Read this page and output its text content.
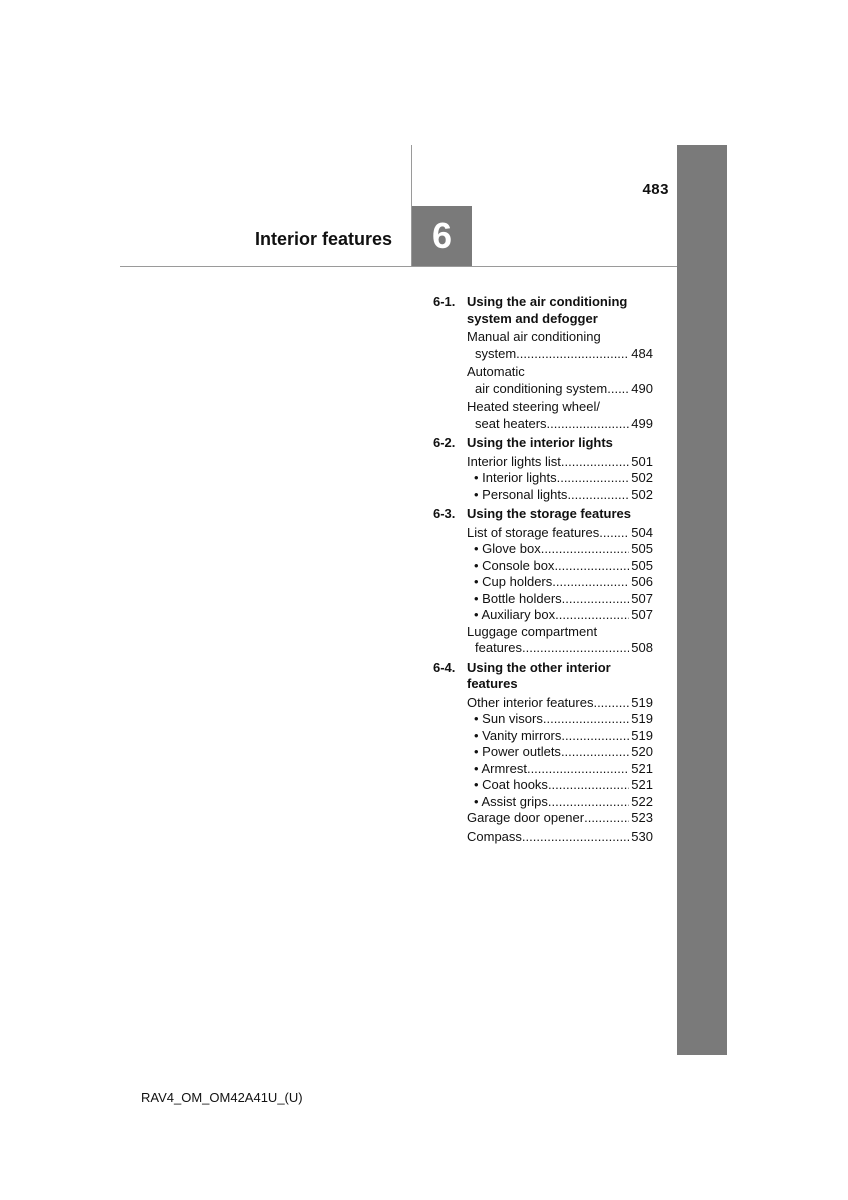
483
Interior features 6
6-1. Using the air conditioning
system and defogger
Manual air conditioning
system .....	484
Automatic
air conditioning system ..... 490
Heated steering wheel/
seat heaters .....	499
6-2. Using the interior lights
Interior lights list .....	501
• Interior lights .....	502
• Personal lights .....	502
6-3. Using the storage features
List of storage features ..... 504
• Glove box .....	505
• Console box .....	505
• Cup holders .....	506
• Bottle holders .....	507
• Auxiliary box .....	507
Luggage compartment
features .....	508
6-4. Using the other interior
features
Other interior features .....	519
• Sun visors .....	519
• Vanity mirrors .....	519
• Power outlets .....	520
• Armrest .....	521
• Coat hooks .....	521
• Assist grips .....	522
Garage door opener .....	523
Compass .....	530
RAV4_OM_OM42A41U_(U)
